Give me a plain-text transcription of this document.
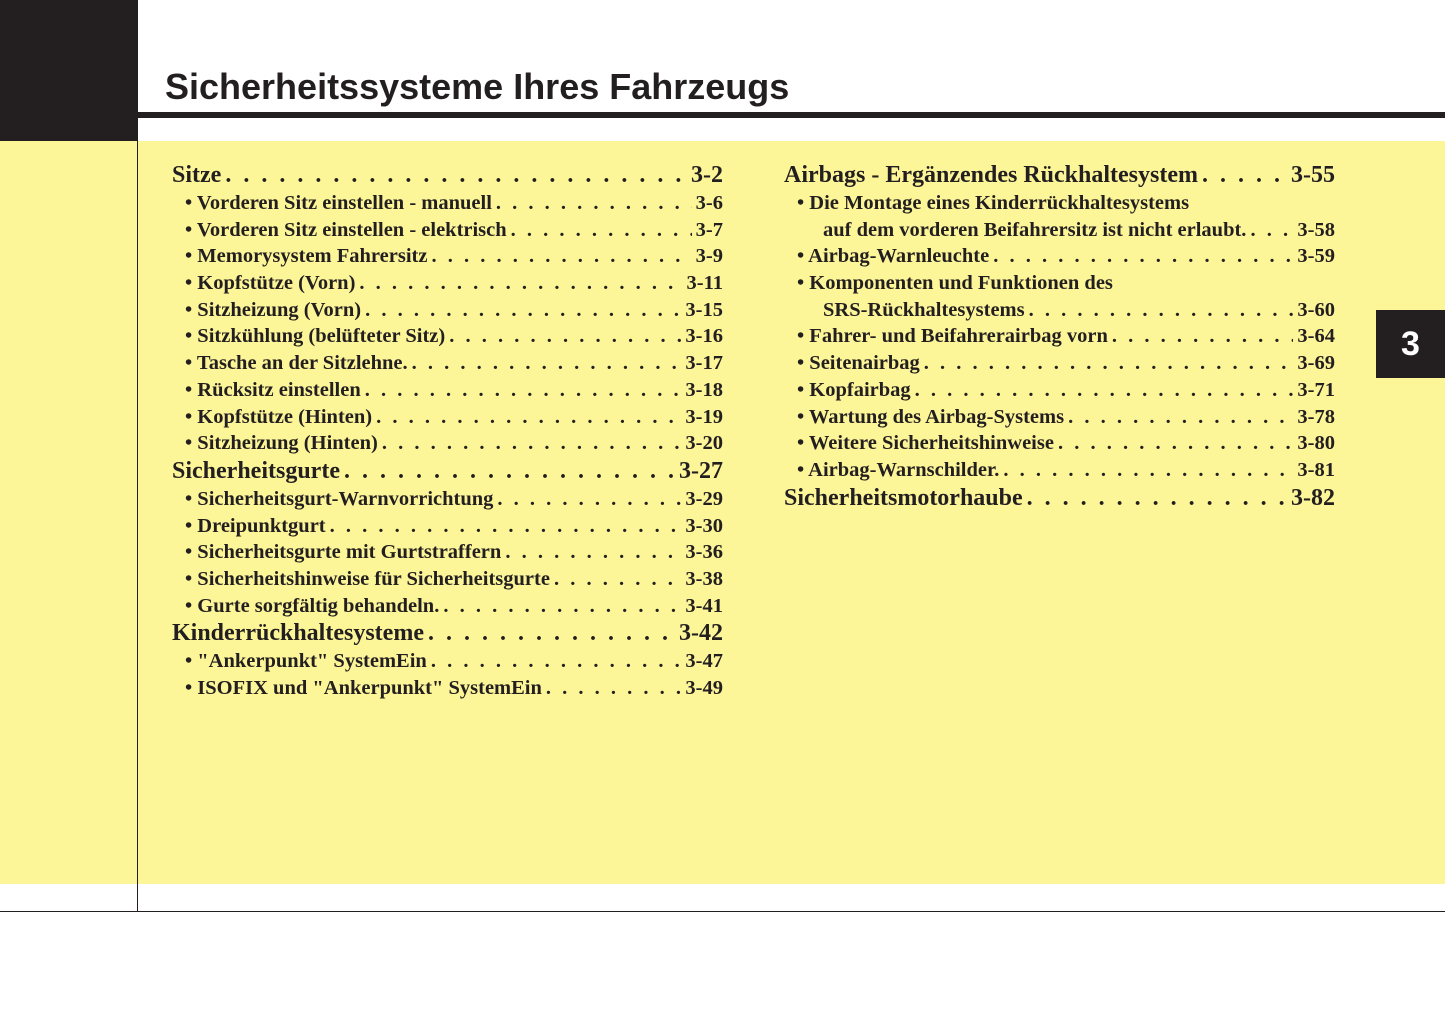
Sicherheitssysteme Ihres Fahrzeugs
3
Sitze . . .	3-2
• Vorderen Sitz einstellen - manuell . . .	3-6
• Vorderen Sitz einstellen - elektrisch . . .	3-7
• Memorysystem Fahrersitz . . .	3-9
• Kopfstütze (Vorn) . . .	3-11
• Sitzheizung (Vorn) . . .	3-15
• Sitzkühlung (belüfteter Sitz) . . .	3-16
• Tasche an der Sitzlehne. . . .	3-17
• Rücksitz einstellen . . .	3-18
• Kopfstütze (Hinten) . . .	3-19
• Sitzheizung (Hinten) . . .	3-20
Sicherheitsgurte . . .	3-27
• Sicherheitsgurt-Warnvorrichtung . . .	3-29
• Dreipunktgurt . . .	3-30
• Sicherheitsgurte mit Gurtstraffern . . .	3-36
• Sicherheitshinweise für Sicherheitsgurte . . .	3-38
• Gurte sorgfältig behandeln. . . .	3-41
Kinderrückhaltesysteme . . .	3-42
• "Ankerpunkt" SystemEin . . .	3-47
• ISOFIX und "Ankerpunkt" SystemEin . . .	3-49
Airbags - Ergänzendes Rückhaltesystem . . .	3-55
• Die Montage eines Kinderrückhaltesystems
auf dem vorderen Beifahrersitz ist nicht erlaubt. . . . 3-58
• Airbag-Warnleuchte . . .	3-59
• Komponenten und Funktionen des
SRS-Rückhaltesystems . . .	3-60
• Fahrer- und Beifahrerairbag vorn . . .	3-64
• Seitenairbag . . .	3-69
• Kopfairbag . . .	3-71
• Wartung des Airbag-Systems . . .	3-78
• Weitere Sicherheitshinweise . . .	3-80
• Airbag-Warnschilder. . . .	3-81
Sicherheitsmotorhaube . . .	3-82
